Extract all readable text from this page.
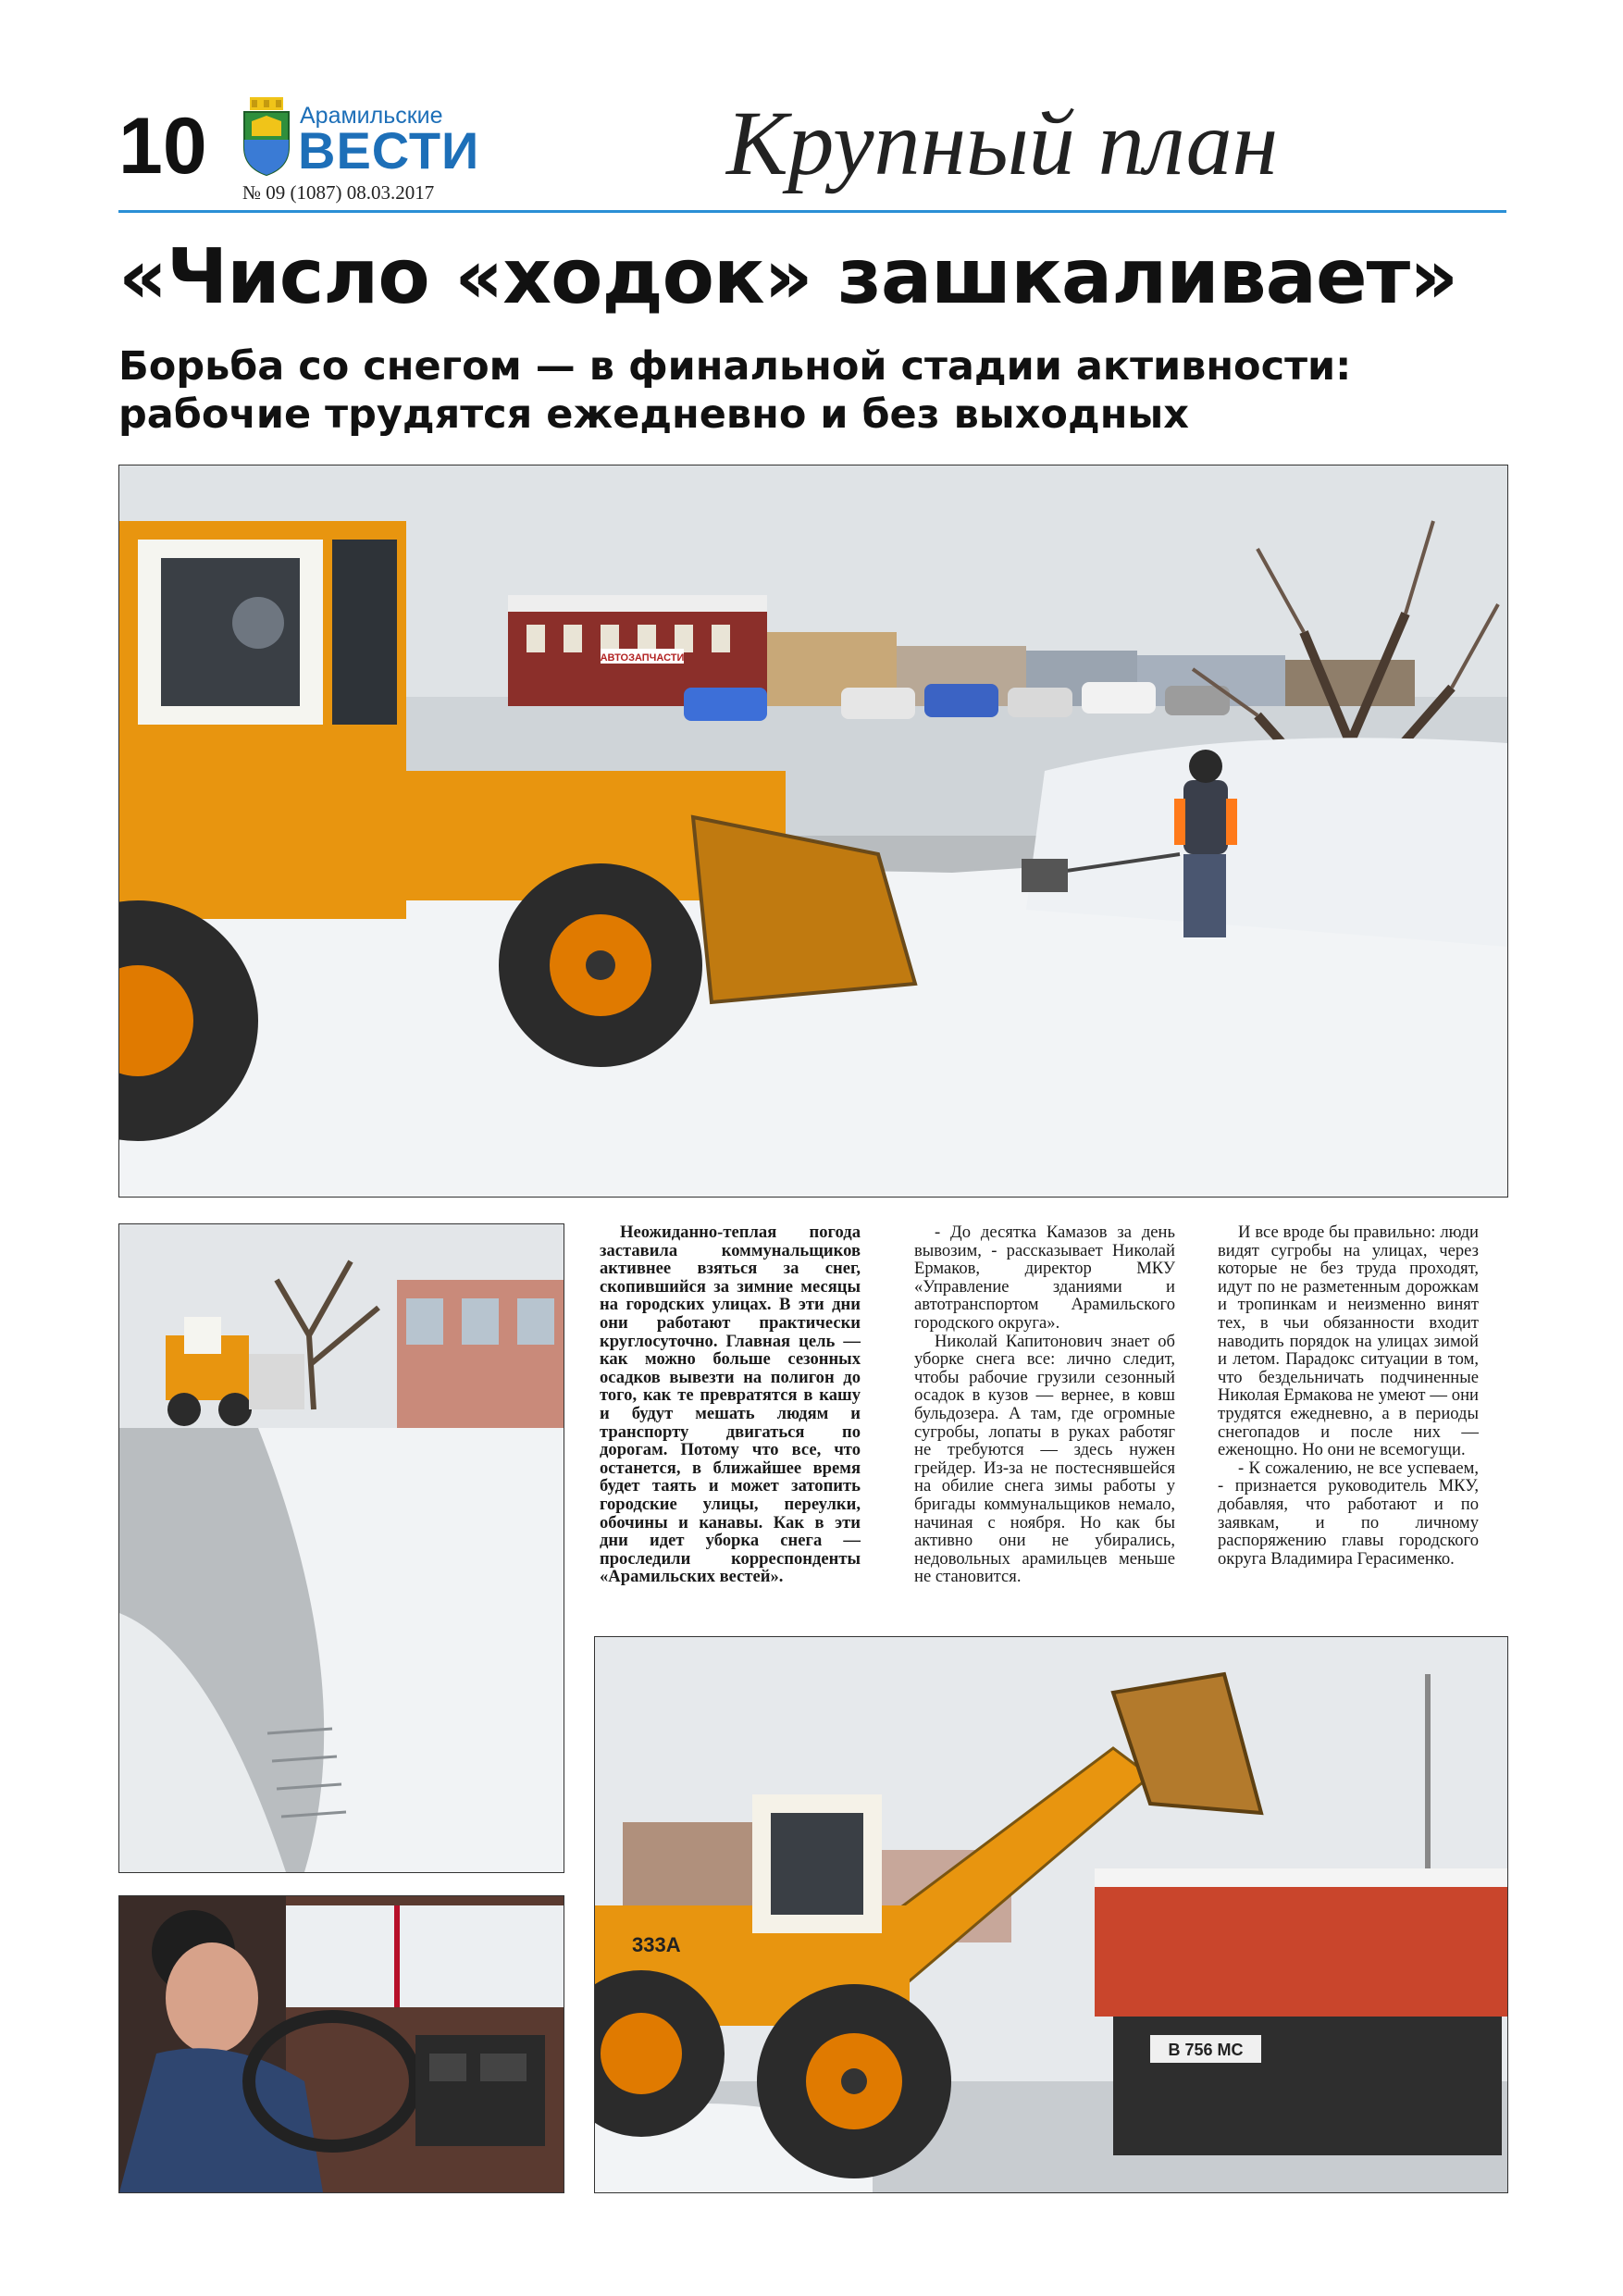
10	Арамильские
ВЕСТИ
№ 09 (1087) 08.03.2017	Крупный план
«Число «ходок» зашкаливает»
Борьба со снегом — в финальной стадии активности:
рабочие трудятся ежедневно и без выходных
АВТОЗАПЧАСТИ
В 756 МС
333А

Неожиданно-теплая погода заставила коммунальщиков активнее взяться за снег, скопившийся за зимние месяцы на городских улицах. В эти дни они работают практически круглосуточно. Главная цель — как можно больше сезонных осадков вывезти на полигон до того, как те превратятся в кашу и будут мешать людям и транспорту двигаться по дорогам. Потому что все, что останется, в ближайшее время будет таять и может затопить городские улицы, переулки, обочины и канавы. Как в эти дни идет уборка снега — проследили корреспонденты «Арамильских вестей».

- До десятка Камазов за день вывозим, - рассказывает Николай Ермаков, директор МКУ «Управление зданиями и автотранспортом Арамильского городского округа».

Николай Капитонович знает об уборке снега все: лично следит, чтобы рабочие грузили сезонный осадок в кузов — вернее, в ковш бульдозера. А там, где огромные сугробы, лопаты в руках работяг не требуются — здесь нужен грейдер. Из-за не постеснявшейся на обилие снега зимы работы у бригады коммунальщиков немало, начиная с ноября. Но как бы активно они не убирались, недовольных арамильцев меньше не становится.

И все вроде бы правильно: люди видят сугробы на улицах, через которые не без труда проходят, идут по не разметенным дорожкам и тропинкам и неизменно винят тех, в чьи обязанности входит наводить порядок на улицах зимой и летом. Парадокс ситуации в том, что бездельничать подчиненные Николая Ермакова не умеют — они трудятся ежедневно, а в периоды снегопадов и после них — еженощно. Но они не всемогущи.

- К сожалению, не все успеваем, - признается руководитель МКУ, добавляя, что работают и по заявкам, и по личному распоряжению главы городского округа Владимира Герасименко.
